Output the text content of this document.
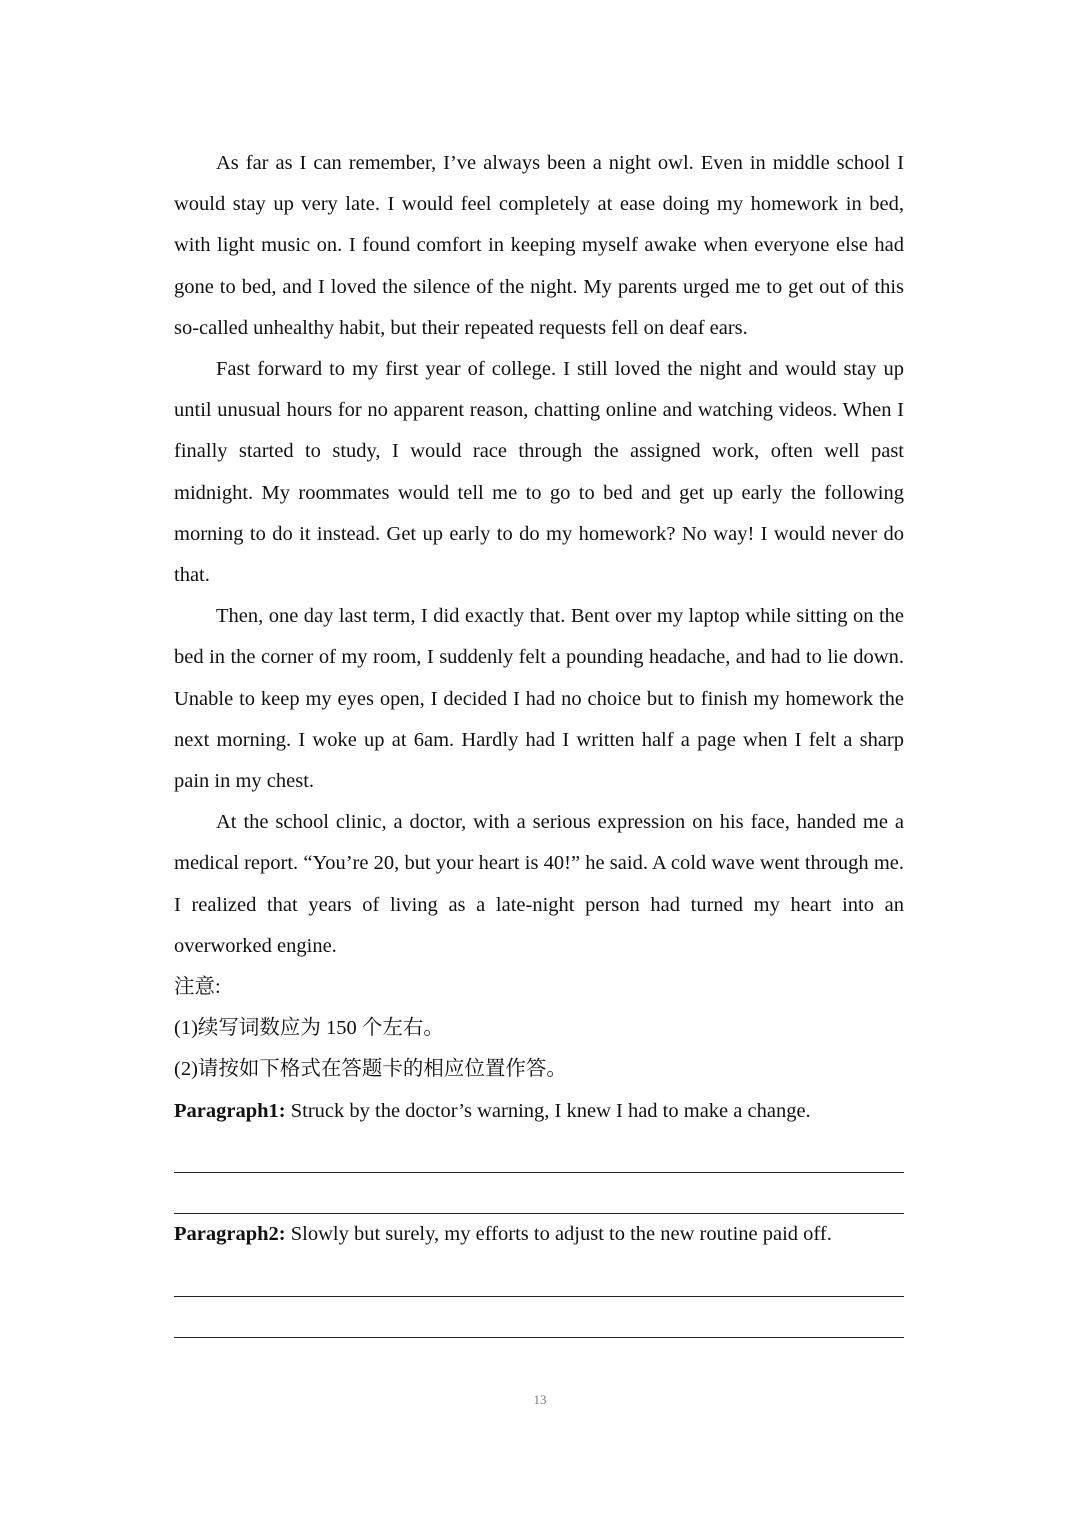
As far as I can remember, I’ve always been a night owl. Even in middle school I would stay up very late. I would feel completely at ease doing my homework in bed, with light music on. I found comfort in keeping myself awake when everyone else had gone to bed, and I loved the silence of the night. My parents urged me to get out of this so-called unhealthy habit, but their repeated requests fell on deaf ears.

Fast forward to my first year of college. I still loved the night and would stay up until unusual hours for no apparent reason, chatting online and watching videos. When I finally started to study, I would race through the assigned work, often well past midnight. My roommates would tell me to go to bed and get up early the following morning to do it instead. Get up early to do my homework? No way! I would never do that.

Then, one day last term, I did exactly that. Bent over my laptop while sitting on the bed in the corner of my room, I suddenly felt a pounding headache, and had to lie down. Unable to keep my eyes open, I decided I had no choice but to finish my homework the next morning. I woke up at 6am. Hardly had I written half a page when I felt a sharp pain in my chest.

At the school clinic, a doctor, with a serious expression on his face, handed me a medical report. “You’re 20, but your heart is 40!” he said. A cold wave went through me. I realized that years of living as a late-night person had turned my heart into an overworked engine.

注意:

(1)续写词数应为 150 个左右。

(2)请按如下格式在答题卡的相应位置作答。

Paragraph1: Struck by the doctor’s warning, I knew I had to make a change.

Paragraph2: Slowly but surely, my efforts to adjust to the new routine paid off.

13
